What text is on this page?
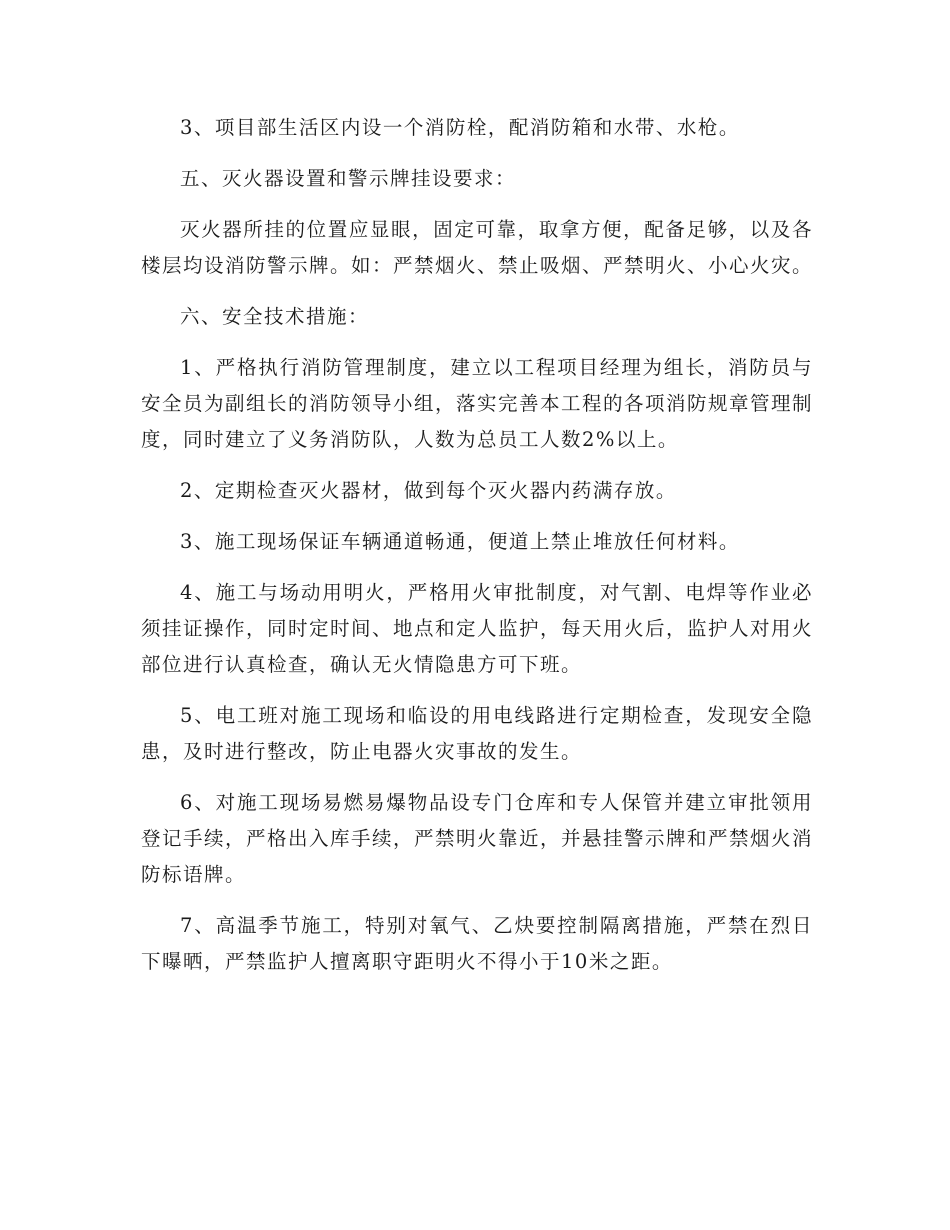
3、项目部生活区内设一个消防栓，配消防箱和水带、水枪。

五、灭火器设置和警示牌挂设要求：

灭火器所挂的位置应显眼，固定可靠，取拿方便，配备足够，以及各楼层均设消防警示牌。如：严禁烟火、禁止吸烟、严禁明火、小心火灾。

六、安全技术措施：

1、严格执行消防管理制度，建立以工程项目经理为组长，消防员与安全员为副组长的消防领导小组，落实完善本工程的各项消防规章管理制度，同时建立了义务消防队，人数为总员工人数2%以上。

2、定期检查灭火器材，做到每个灭火器内药满存放。

3、施工现场保证车辆通道畅通，便道上禁止堆放任何材料。

4、施工与场动用明火，严格用火审批制度，对气割、电焊等作业必须挂证操作，同时定时间、地点和定人监护，每天用火后，监护人对用火部位进行认真检查，确认无火情隐患方可下班。

5、电工班对施工现场和临设的用电线路进行定期检查，发现安全隐患，及时进行整改，防止电器火灾事故的发生。

6、对施工现场易燃易爆物品设专门仓库和专人保管并建立审批领用登记手续，严格出入库手续，严禁明火靠近，并悬挂警示牌和严禁烟火消防标语牌。

7、高温季节施工，特别对氧气、乙炔要控制隔离措施，严禁在烈日下曝晒，严禁监护人擅离职守距明火不得小于10米之距。
